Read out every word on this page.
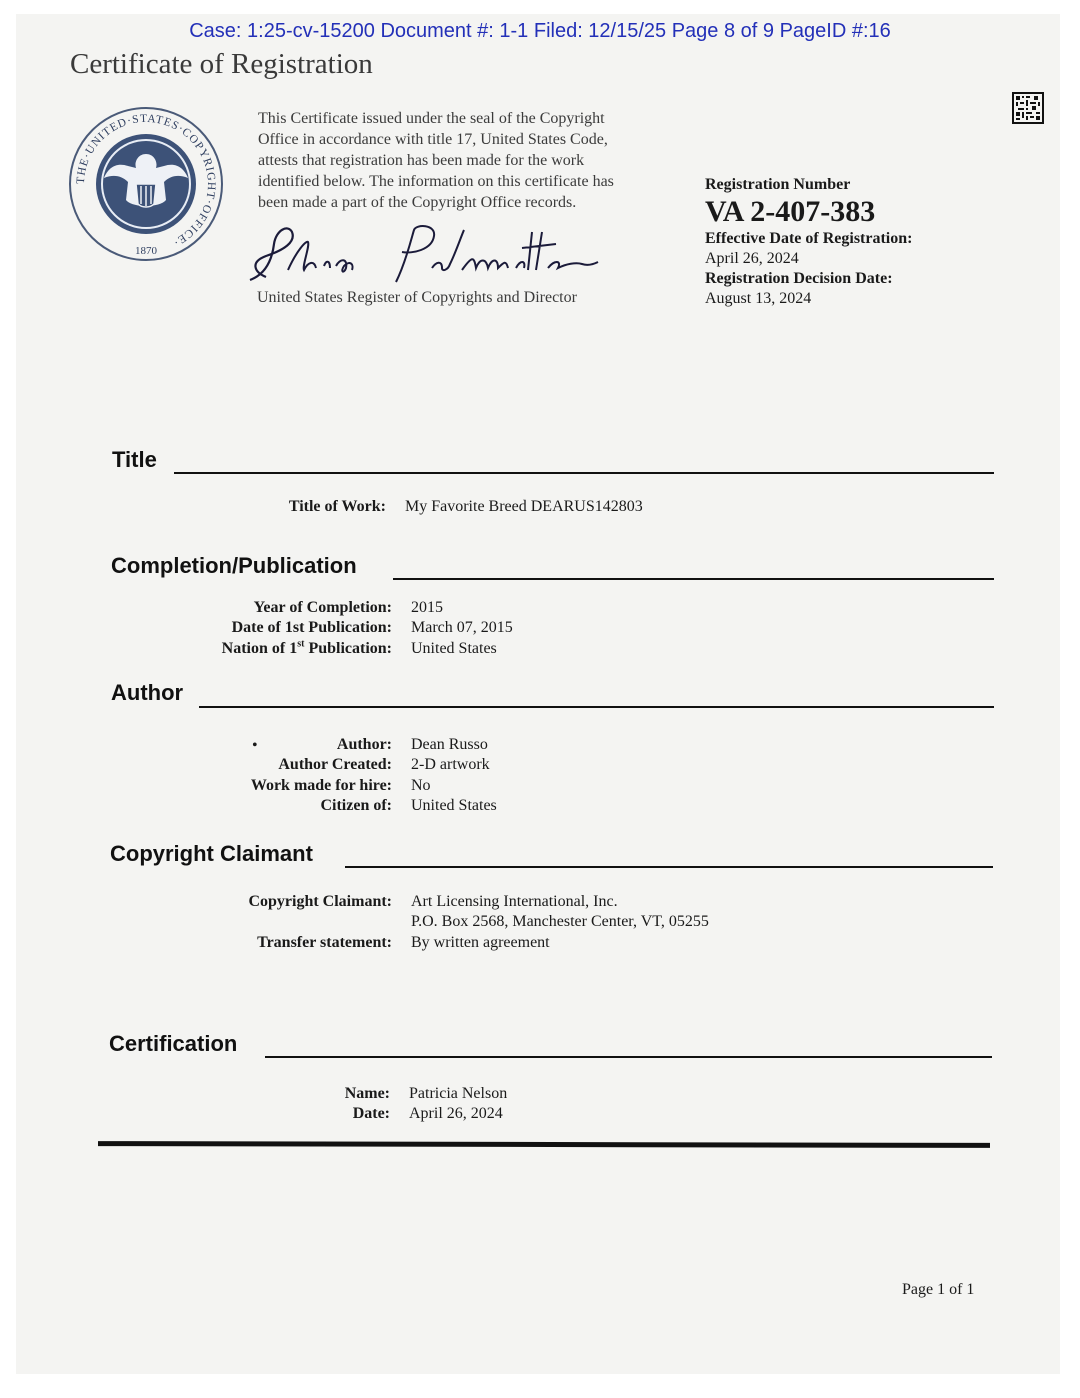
Case: 1:25-cv-15200 Document #: 1-1 Filed: 12/15/25 Page 8 of 9 PageID #:16
Certificate of Registration
THE·UNITED·STATES·COPYRIGHT·OFFICE·
1870
This Certificate issued under the seal of the Copyright
Office in accordance with title 17, United States Code,
attests that registration has been made for the work
identified below. The information on this certificate has
been made a part of the Copyright Office records.
United States Register of Copyrights and Director
Registration Number
VA 2-407-383
Effective Date of Registration:
April 26, 2024
Registration Decision Date:
August 13, 2024
Title
Title of Work:	My Favorite Breed DEARUS142803
Completion/Publication
Year of Completion:	2015
Date of 1st Publication:	March 07, 2015
Nation of 1st Publication:	United States
Author
•	Author:	Dean Russo
Author Created:	2-D artwork
Work made for hire:	No
Citizen of:	United States
Copyright Claimant
Copyright Claimant:	Art Licensing International, Inc.
P.O. Box 2568, Manchester Center, VT, 05255
Transfer statement:	By written agreement
Certification
Name:	Patricia Nelson
Date:	April 26, 2024
Page 1 of 1
